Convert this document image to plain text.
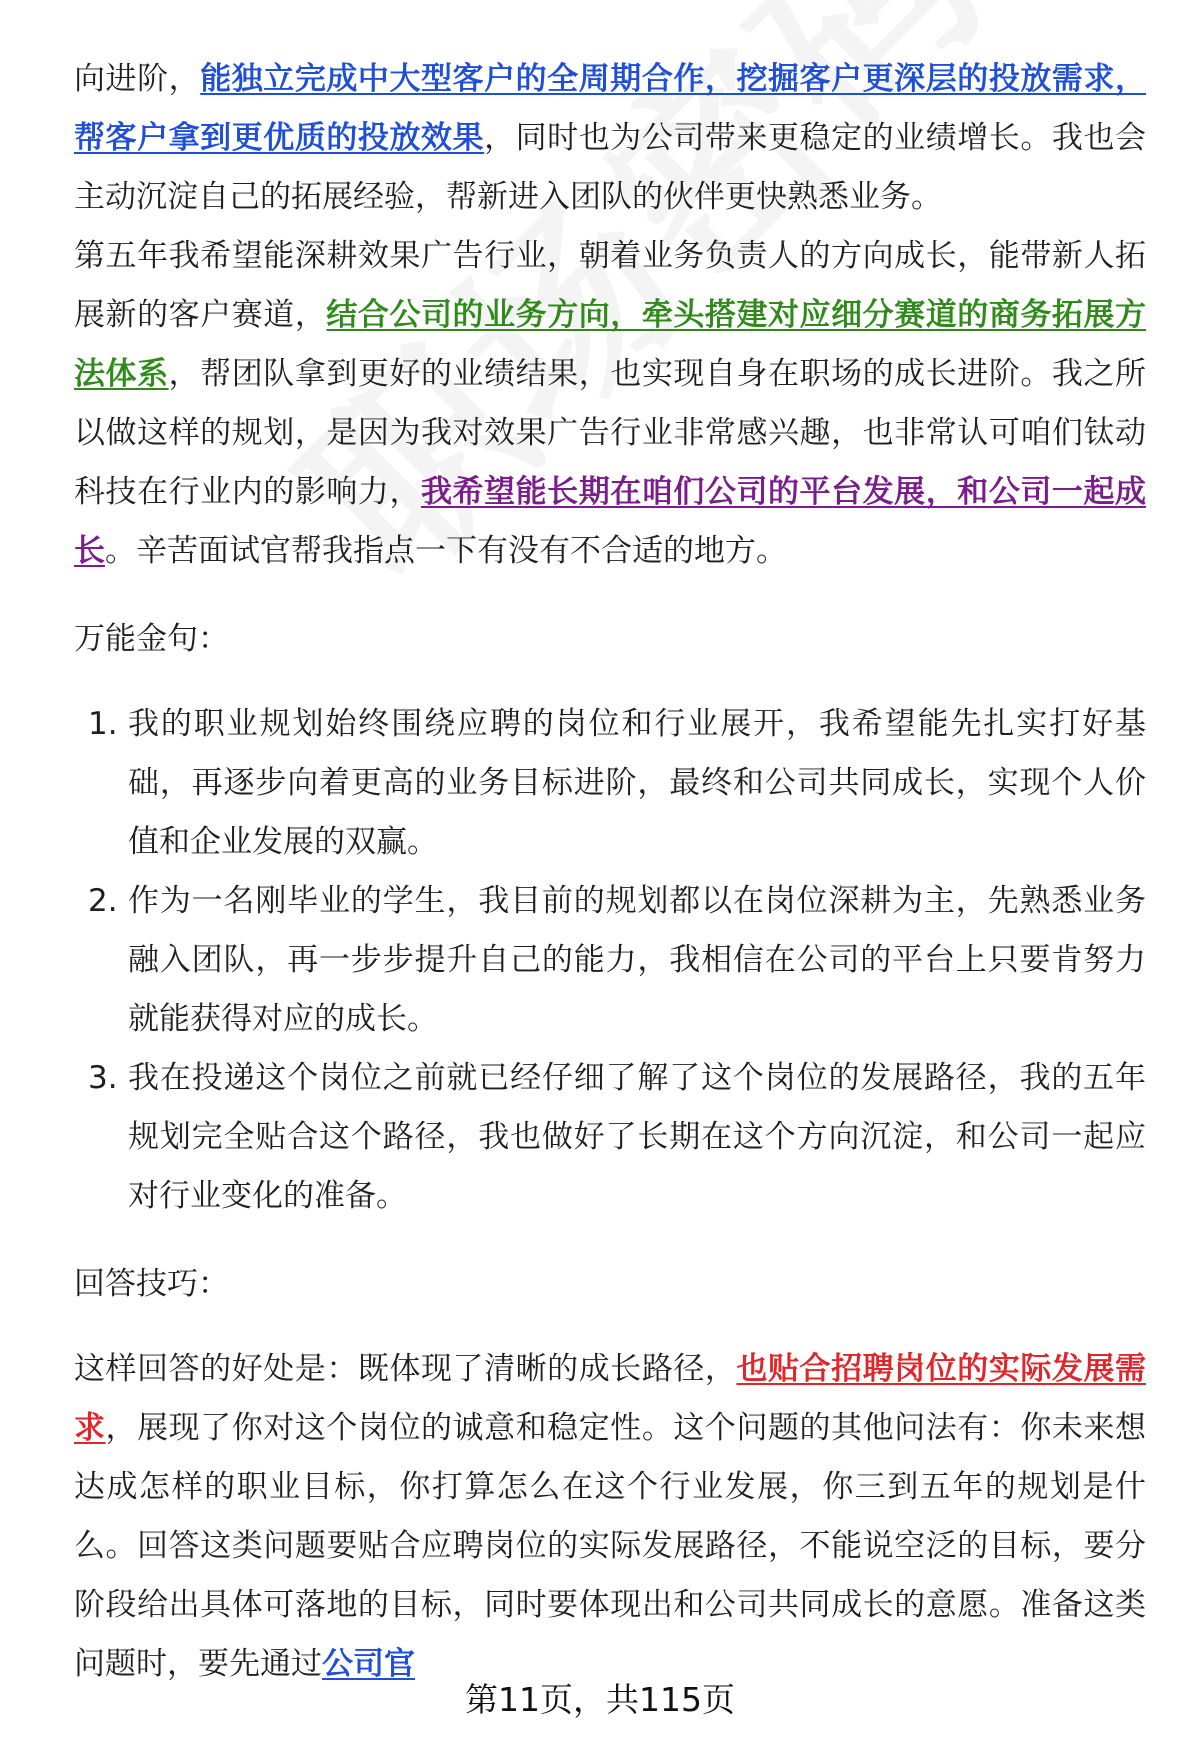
向进阶，能独立完成中大型客户的全周期合作，挖掘客户更深层的投放需求，帮客户拿到更优质的投放效果，同时也为公司带来更稳定的业绩增长。我也会主动沉淀自己的拓展经验，帮新进入团队的伙伴更快熟悉业务。

第五年我希望能深耕效果广告行业，朝着业务负责人的方向成长，能带新人拓展新的客户赛道，结合公司的业务方向，牵头搭建对应细分赛道的商务拓展方法体系，帮团队拿到更好的业绩结果，也实现自身在职场的成长进阶。我之所以做这样的规划，是因为我对效果广告行业非常感兴趣，也非常认可咱们钛动科技在行业内的影响力，我希望能长期在咱们公司的平台发展，和公司一起成长。辛苦面试官帮我指点一下有没有不合适的地方。

万能金句：

1. 我的职业规划始终围绕应聘的岗位和行业展开，我希望能先扎实打好基础，再逐步向着更高的业务目标进阶，最终和公司共同成长，实现个人价值和企业发展的双赢。
2. 作为一名刚毕业的学生，我目前的规划都以在岗位深耕为主，先熟悉业务融入团队，再一步步提升自己的能力，我相信在公司的平台上只要肯努力就能获得对应的成长。
3. 我在投递这个岗位之前就已经仔细了解了这个岗位的发展路径，我的五年规划完全贴合这个路径，我也做好了长期在这个方向沉淀，和公司一起应对行业变化的准备。

回答技巧：

这样回答的好处是：既体现了清晰的成长路径，也贴合招聘岗位的实际发展需求，展现了你对这个岗位的诚意和稳定性。这个问题的其他问法有：你未来想达成怎样的职业目标，你打算怎么在这个行业发展，你三到五年的规划是什么。回答这类问题要贴合应聘岗位的实际发展路径，不能说空泛的目标，要分阶段给出具体可落地的目标，同时要体现出和公司共同成长的意愿。准备这类问题时，要先通过公司官

第11页，共115页
